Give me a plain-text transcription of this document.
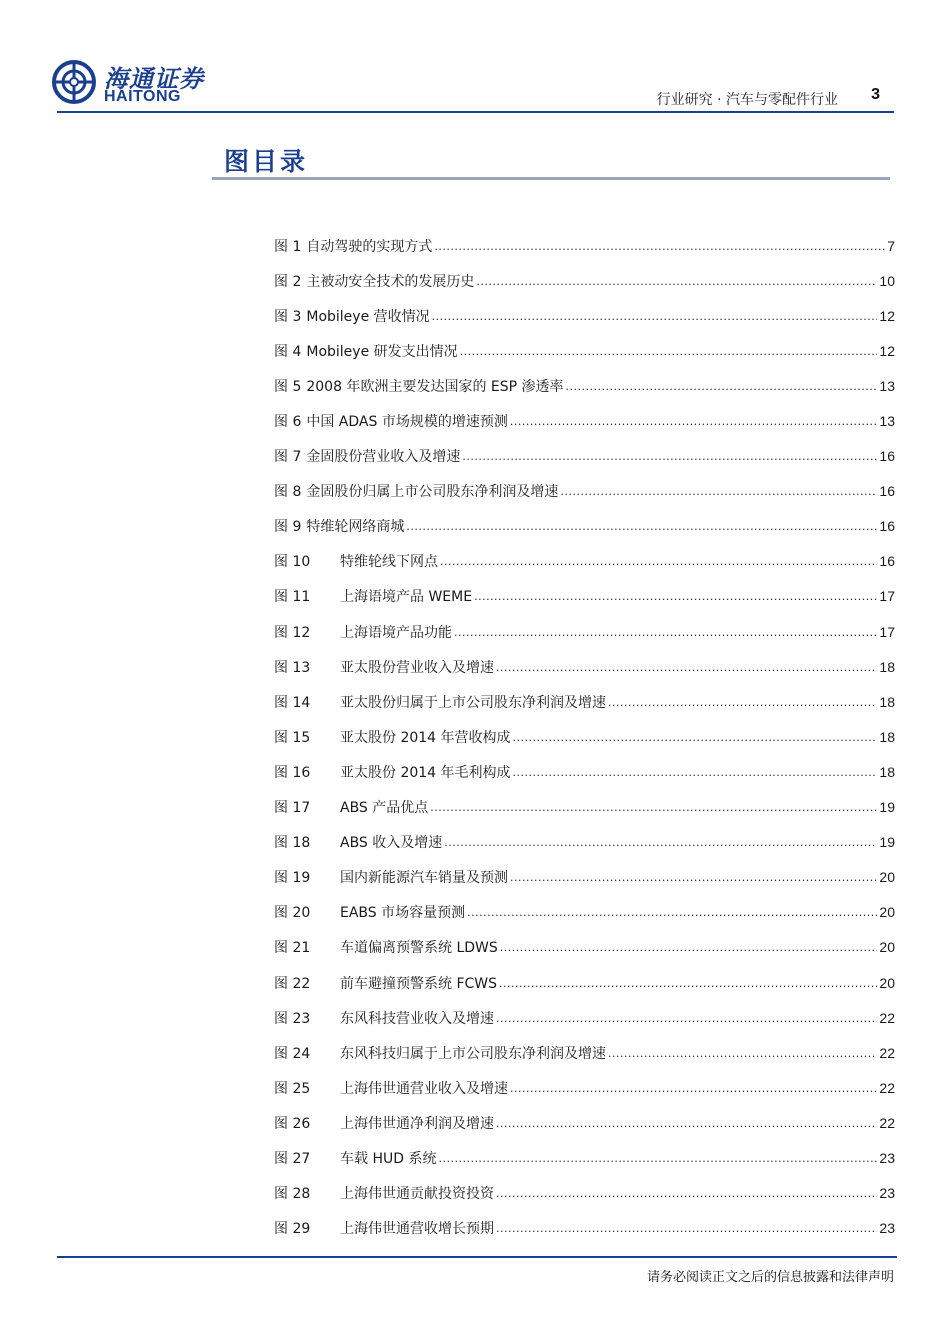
海通证券
HAITONG	行业研究 · 汽车与零配件行业 3
图目录
图 1 自动驾驶的实现方式 .....	7
图 2 主被动安全技术的发展历史 .....	10
图 3 Mobileye 营收情况 .....	12
图 4 Mobileye 研发支出情况 .....	12
图 5 2008 年欧洲主要发达国家的 ESP 渗透率 .....	13
图 6 中国 ADAS 市场规模的增速预测 .....	13
图 7 金固股份营业收入及增速 .....	16
图 8 金固股份归属上市公司股东净利润及增速 .....	16
图 9 特维轮网络商城 .....	16
图 10	特维轮线下网点 .....	16
图 11	上海语境产品 WEME .....	17
图 12	上海语境产品功能 .....	17
图 13	亚太股份营业收入及增速 .....	18
图 14	亚太股份归属于上市公司股东净利润及增速 .....	18
图 15	亚太股份 2014 年营收构成 .....	18
图 16	亚太股份 2014 年毛利构成 .....	18
图 17	ABS 产品优点 .....	19
图 18	ABS 收入及增速 .....	19
图 19	国内新能源汽车销量及预测 .....	20
图 20	EABS 市场容量预测 .....	20
图 21	车道偏离预警系统 LDWS .....	20
图 22	前车避撞预警系统 FCWS .....	20
图 23	东风科技营业收入及增速 .....	22
图 24	东风科技归属于上市公司股东净利润及增速 .....	22
图 25	上海伟世通营业收入及增速 .....	22
图 26	上海伟世通净利润及增速 .....	22
图 27	车载 HUD 系统 .....	23
图 28	上海伟世通贡献投资投资 .....	23
图 29	上海伟世通营收增长预期 .....	23
请务必阅读正文之后的信息披露和法律声明
